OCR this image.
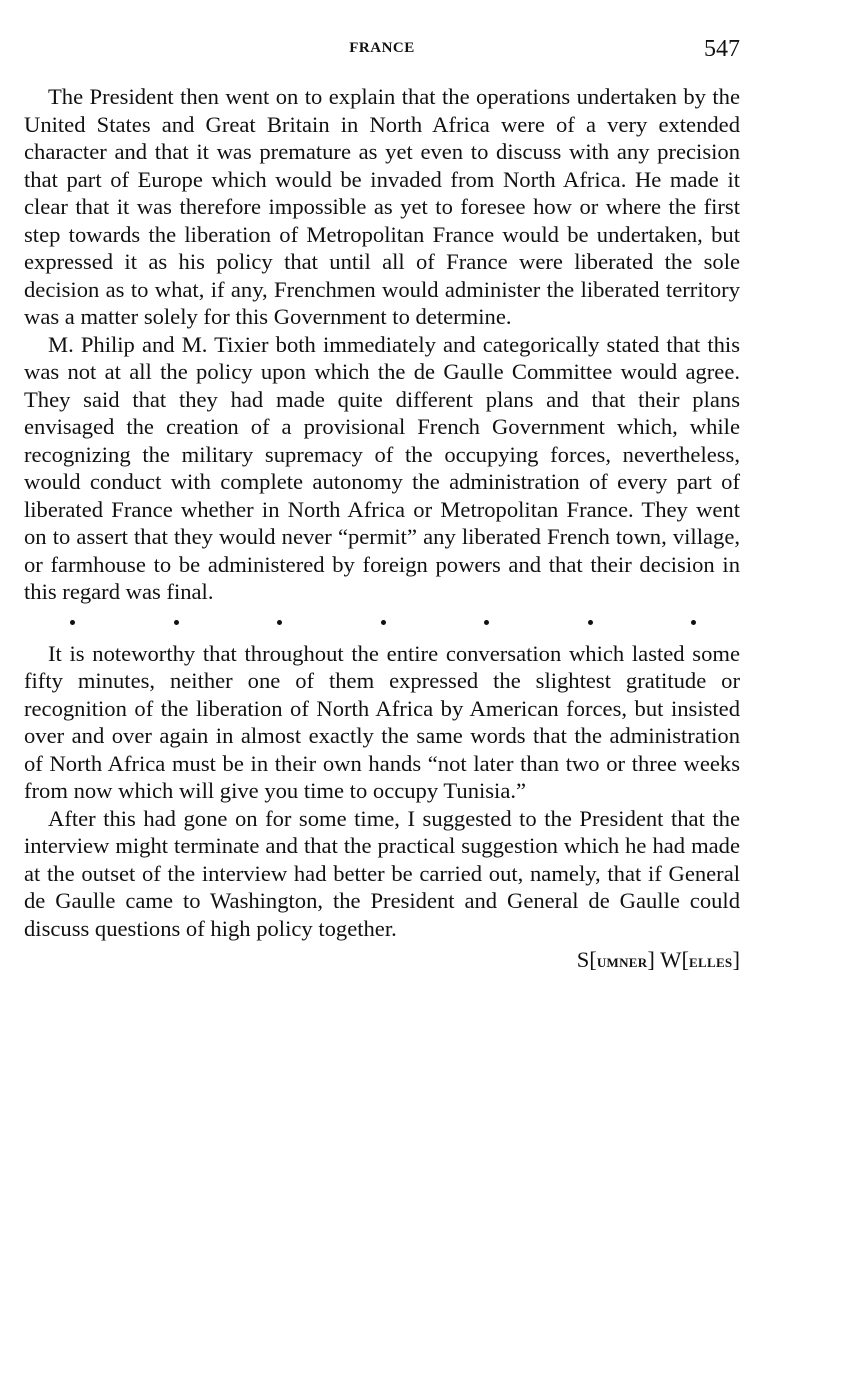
FRANCE	547

The President then went on to explain that the operations undertaken by the United States and Great Britain in North Africa were of a very extended character and that it was premature as yet even to discuss with any precision that part of Europe which would be invaded from North Africa. He made it clear that it was therefore impossible as yet to foresee how or where the first step towards the liberation of Metropolitan France would be undertaken, but expressed it as his policy that until all of France were liberated the sole decision as to what, if any, Frenchmen would administer the liberated territory was a matter solely for this Government to determine.

M. Philip and M. Tixier both immediately and categorically stated that this was not at all the policy upon which the de Gaulle Committee would agree. They said that they had made quite different plans and that their plans envisaged the creation of a provisional French Government which, while recognizing the military supremacy of the occupying forces, nevertheless, would conduct with complete autonomy the administration of every part of liberated France whether in North Africa or Metropolitan France. They went on to assert that they would never “permit” any liberated French town, village, or farmhouse to be administered by foreign powers and that their decision in this regard was final.

It is noteworthy that throughout the entire conversation which lasted some fifty minutes, neither one of them expressed the slightest gratitude or recognition of the liberation of North Africa by American forces, but insisted over and over again in almost exactly the same words that the administration of North Africa must be in their own hands “not later than two or three weeks from now which will give you time to occupy Tunisia.”

After this had gone on for some time, I suggested to the President that the interview might terminate and that the practical suggestion which he had made at the outset of the interview had better be carried out, namely, that if General de Gaulle came to Washington, the President and General de Gaulle could discuss questions of high policy together.

S[umner] W[elles]
